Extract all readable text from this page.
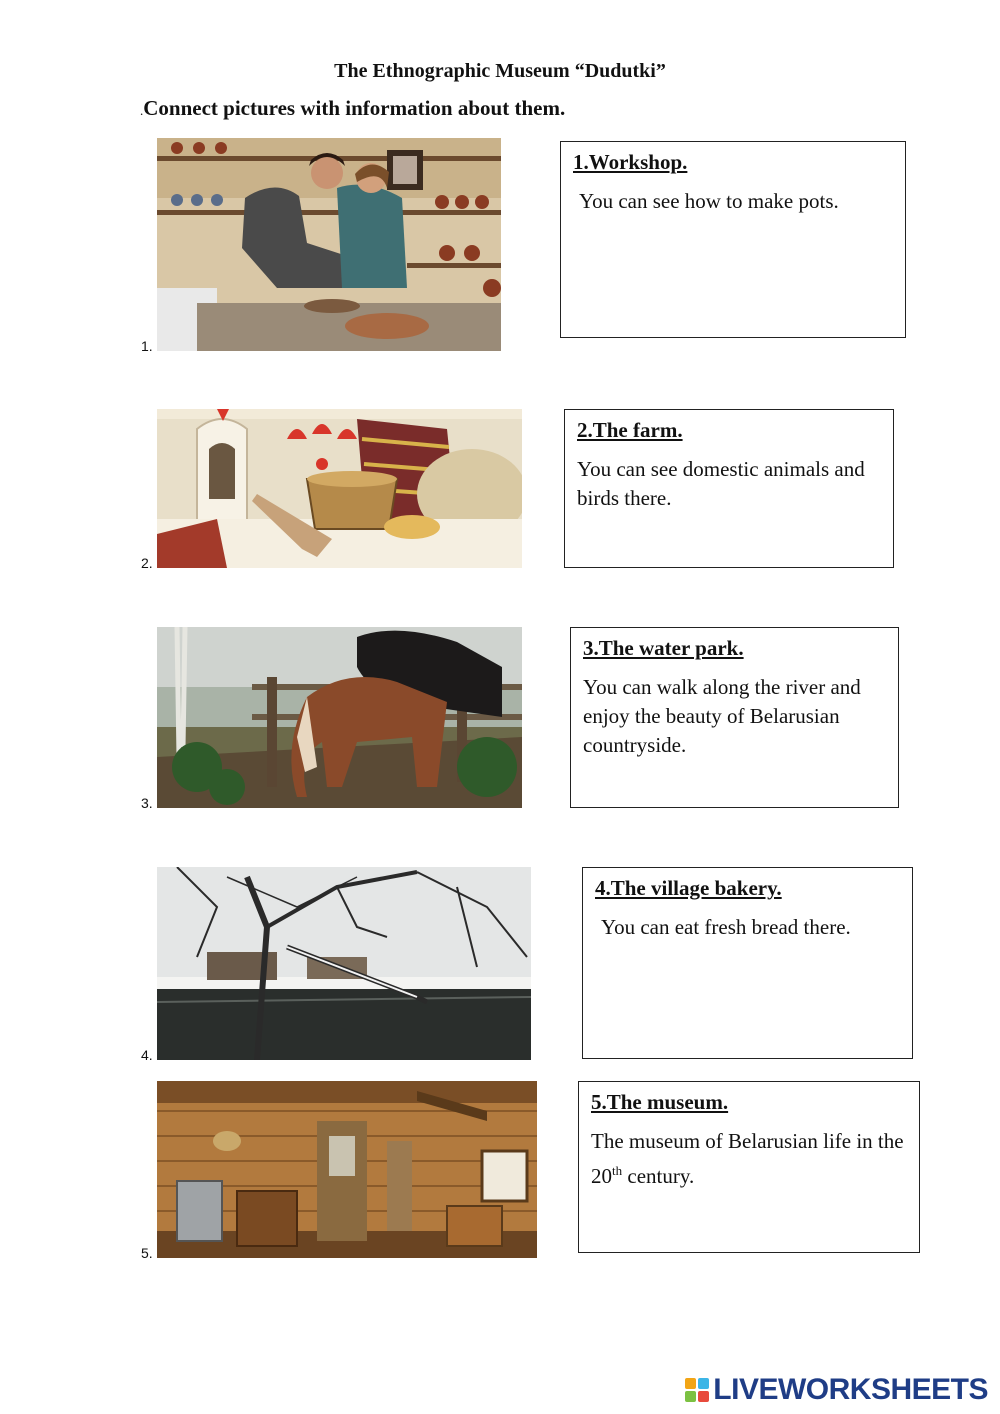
The Ethnographic Museum “Dudutki”
.Connect pictures with information about them.
1.
1.Workshop.
You can see how to make pots.
2.
2.The farm.
You can see domestic animals and birds there.
3.
3.The water park.
You can walk along the river and enjoy the beauty of Belarusian countryside.
4.
4.The village bakery.
You can eat fresh bread there.
5.
5.The museum.
The museum of Belarusian life in the 20th century.
LIVEWORKSHEETS
